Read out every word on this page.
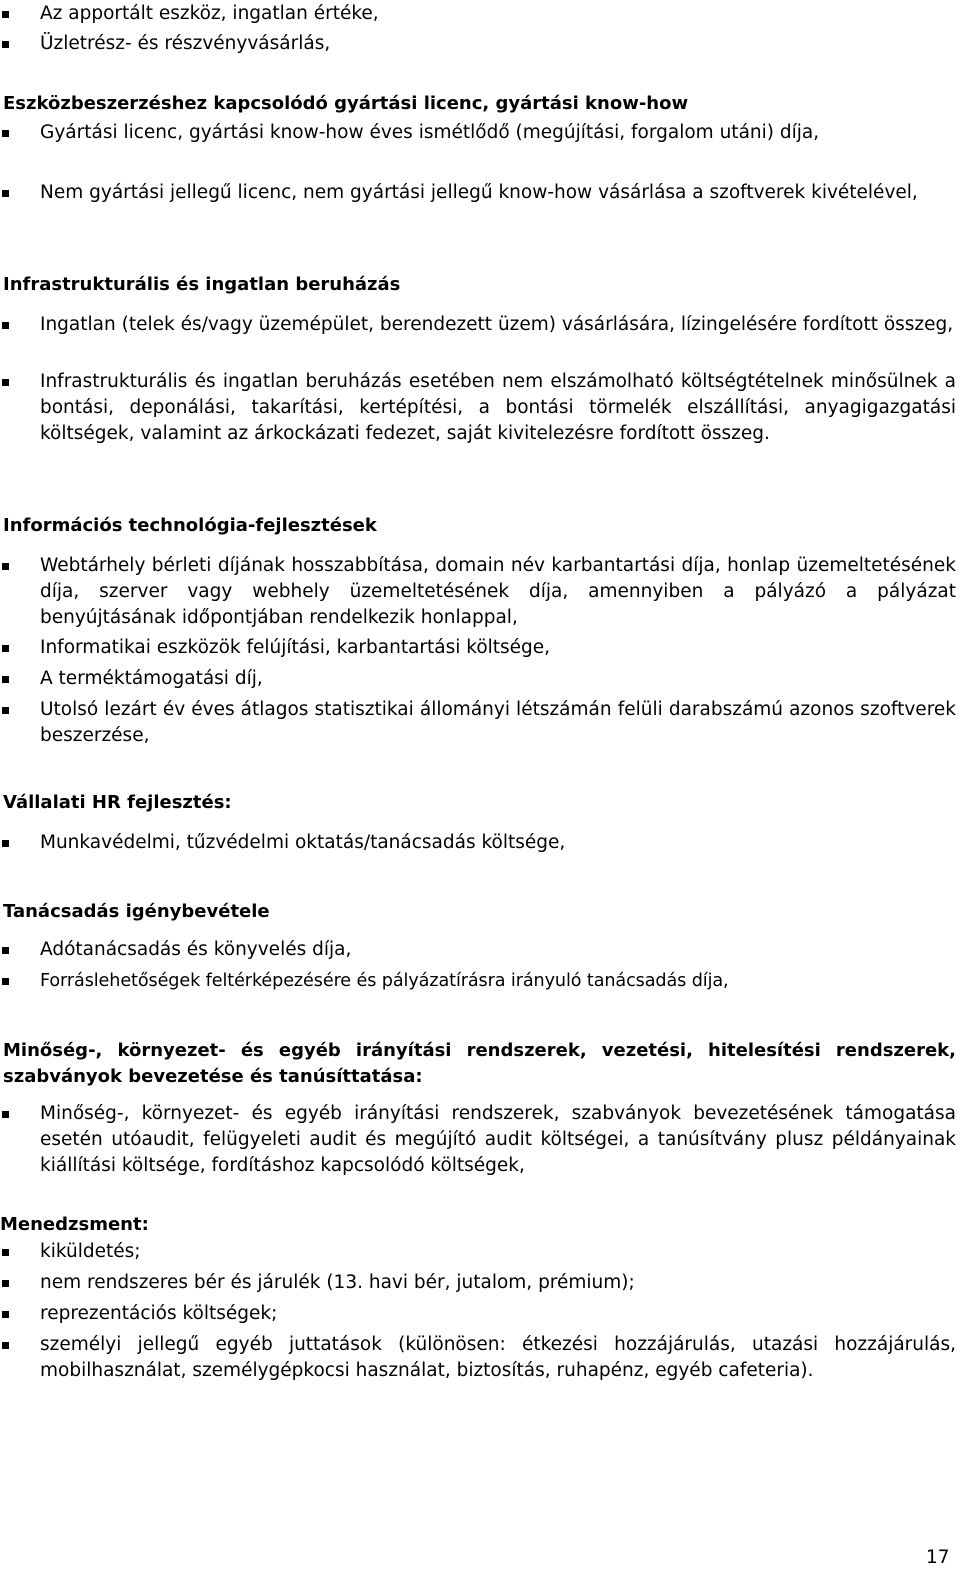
Az apportált eszköz, ingatlan értéke,
Üzletrész- és részvényvásárlás,
Eszközbeszerzéshez kapcsolódó gyártási licenc, gyártási know-how
Gyártási licenc, gyártási know-how éves ismétlődő (megújítási, forgalom utáni) díja,
Nem gyártási jellegű licenc, nem gyártási jellegű know-how vásárlása a szoftverek kivételével,
Infrastrukturális és ingatlan beruházás
Ingatlan (telek és/vagy üzemépület, berendezett üzem) vásárlására, lízingelésére fordított összeg,
Infrastrukturális és ingatlan beruházás esetében nem elszámolható költségtételnek minősülnek a bontási, deponálási, takarítási, kertépítési, a bontási törmelék elszállítási, anyagigazgatási költségek, valamint az árkockázati fedezet, saját kivitelezésre fordított összeg.
Információs technológia-fejlesztések
Webtárhely bérleti díjának hosszabbítása, domain név karbantartási díja, honlap üzemeltetésének díja, szerver vagy webhely üzemeltetésének díja, amennyiben a pályázó a pályázat benyújtásának időpontjában rendelkezik honlappal,
Informatikai eszközök felújítási, karbantartási költsége,
A terméktámogatási díj,
Utolsó lezárt év éves átlagos statisztikai állományi létszámán felüli darabszámú azonos szoftverek beszerzése,
Vállalati HR fejlesztés:
Munkavédelmi, tűzvédelmi oktatás/tanácsadás költsége,
Tanácsadás igénybevétele
Adótanácsadás és könyvelés díja,
Forráslehetőségek feltérképezésére és pályázatírásra irányuló tanácsadás díja,
Minőség-, környezet- és egyéb irányítási rendszerek, vezetési, hitelesítési rendszerek, szabványok bevezetése és tanúsíttatása:
Minőség-, környezet- és egyéb irányítási rendszerek, szabványok bevezetésének támogatása esetén utóaudit, felügyeleti audit és megújító audit költségei, a tanúsítvány plusz példányainak kiállítási költsége, fordításhoz kapcsolódó költségek,
Menedzsment:
kiküldetés;
nem rendszeres bér és járulék (13. havi bér, jutalom, prémium);
reprezentációs költségek;
személyi jellegű egyéb juttatások (különösen: étkezési hozzájárulás, utazási hozzájárulás, mobilhasználat, személygépkocsi használat, biztosítás, ruhapénz, egyéb cafeteria).
17
